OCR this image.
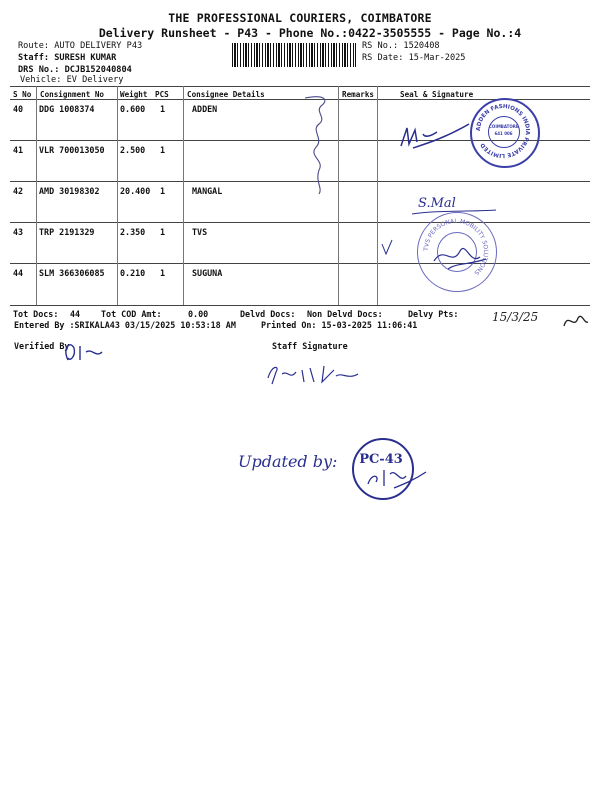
THE PROFESSIONAL COURIERS, COIMBATORE
Delivery Runsheet - P43 - Phone No.:0422-3505555 - Page No.:4
Route: AUTO DELIVERY P43
Staff: SURESH KUMAR
DRS No.: DCJB152040804
Vehicle: EV Delivery
RS No.: 1520408
RS Date: 15-Mar-2025
S No Consignment No Weight PCS Consignee Details	Remarks	Seal & Signature
40 DDG 1008374	0.600 1	ADDEN
41 VLR 700013050 2.500 1
42 AMD 30198302 20.400 1	MANGAL
43 TRP 2191329	2.350 1	TVS
44 SLM 366306085 0.210 1	SUGUNA
Tot Docs: 44 Tot COD Amt:	0.00	Delvd Docs: Non Delvd Docs:	Delvy Pts:
Entered By :SRIKALA43 03/15/2025 10:53:18 AM	Printed On: 15-03-2025 11:06:41
Verified By	Staff Signature
ADDEN FASHIONS INDIA PRIVATE LIMITED
COIMBATORE
641 006
S.Mal
TVS PERSONAL MOBILITY SOLUTIONS
15/3/25
Updated by:	PC-43
